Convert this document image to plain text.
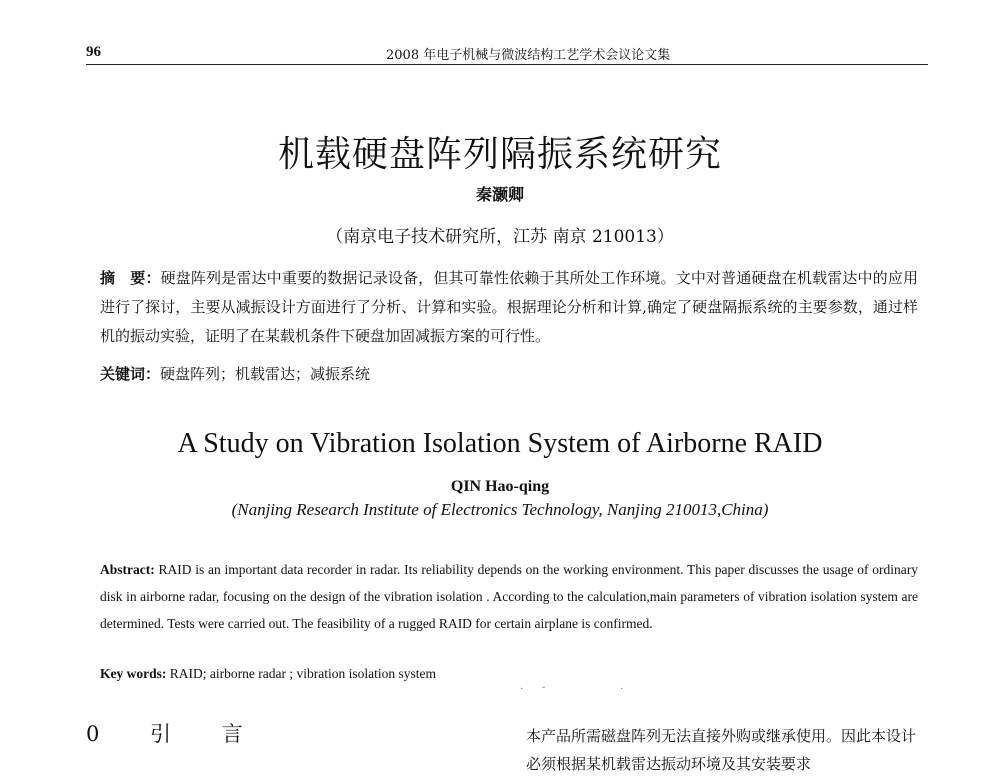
96	2008 年电子机械与微波结构工艺学术会议论文集
机载硬盘阵列隔振系统研究
秦灏卿
（南京电子技术研究所，江苏 南京 210013）
摘　要：硬盘阵列是雷达中重要的数据记录设备，但其可靠性依赖于其所处工作环境。文中对普通硬盘在机载雷达中的应用进行了探讨，主要从减振设计方面进行了分析、计算和实验。根据理论分析和计算,确定了硬盘隔振系统的主要参数，通过样机的振动实验，证明了在某载机条件下硬盘加固减振方案的可行性。
关键词：硬盘阵列；机载雷达；减振系统
A Study on Vibration Isolation System of Airborne RAID
QIN Hao-qing
(Nanjing Research Institute of Electronics Technology, Nanjing 210013,China)
Abstract: RAID is an important data recorder in radar. Its reliability depends on the working environment. This paper discusses the usage of ordinary disk in airborne radar, focusing on the design of the vibration isolation . According to the calculation,main parameters of vibration isolation system are determined. Tests were carried out. The feasibility of a rugged RAID for certain airplane is confirmed.
Key words: RAID; airborne radar ; vibration isolation system
· ˇ	·
0 引 言	本产品所需磁盘阵列无法直接外购或继承使用。因此本设计必须根据某机载雷达振动环境及其安装要求
